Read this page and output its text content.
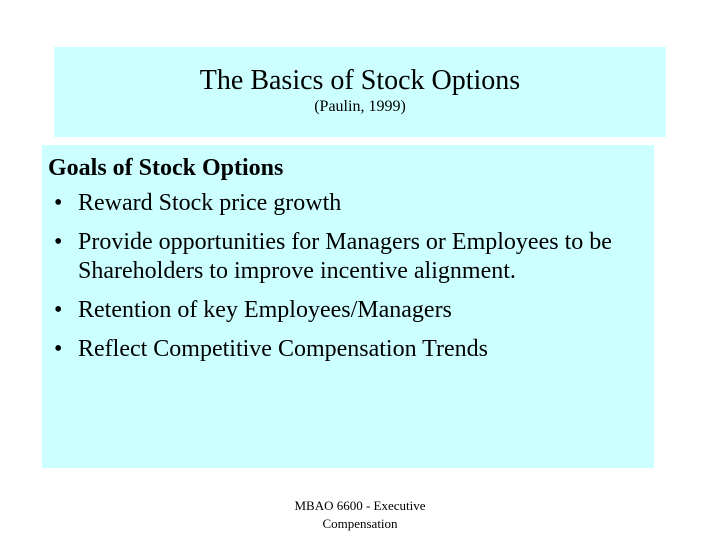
The Basics of Stock Options
(Paulin, 1999)
Goals of Stock Options
• Reward Stock price growth
• Provide opportunities for Managers or Employees to be Shareholders to improve incentive alignment.
• Retention of key Employees/Managers
• Reflect Competitive Compensation Trends
MBAO 6600 - Executive
Compensation
